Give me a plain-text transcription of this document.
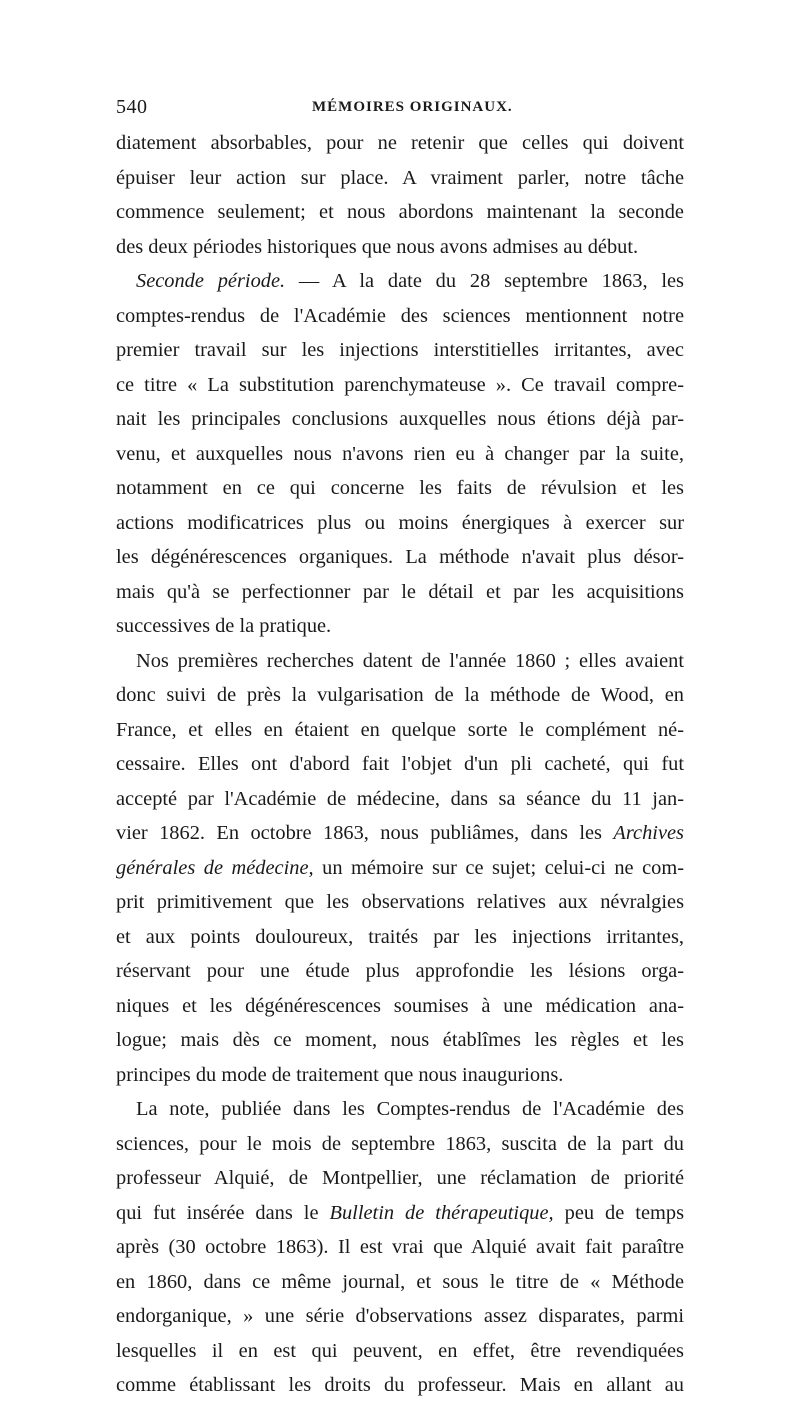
540	MÉMOIRES ORIGINAUX.
diatement absorbables, pour ne retenir que celles qui doivent
épuiser leur action sur place. A vraiment parler, notre tâche
commence seulement; et nous abordons maintenant la seconde
des deux périodes historiques que nous avons admises au début.
Seconde période. — A la date du 28 septembre 1863, les
comptes-rendus de l'Académie des sciences mentionnent notre
premier travail sur les injections interstitielles irritantes, avec
ce titre « La substitution parenchymateuse ». Ce travail compre-
nait les principales conclusions auxquelles nous étions déjà par-
venu, et auxquelles nous n'avons rien eu à changer par la suite,
notamment en ce qui concerne les faits de révulsion et les
actions modificatrices plus ou moins énergiques à exercer sur
les dégénérescences organiques. La méthode n'avait plus désor-
mais qu'à se perfectionner par le détail et par les acquisitions
successives de la pratique.
Nos premières recherches datent de l'année 1860 ; elles avaient
donc suivi de près la vulgarisation de la méthode de Wood, en
France, et elles en étaient en quelque sorte le complément né-
cessaire. Elles ont d'abord fait l'objet d'un pli cacheté, qui fut
accepté par l'Académie de médecine, dans sa séance du 11 jan-
vier 1862. En octobre 1863, nous publiâmes, dans les Archives
générales de médecine, un mémoire sur ce sujet; celui-ci ne com-
prit primitivement que les observations relatives aux névralgies
et aux points douloureux, traités par les injections irritantes,
réservant pour une étude plus approfondie les lésions orga-
niques et les dégénérescences soumises à une médication ana-
logue; mais dès ce moment, nous établîmes les règles et les
principes du mode de traitement que nous inaugurions.
La note, publiée dans les Comptes-rendus de l'Académie des
sciences, pour le mois de septembre 1863, suscita de la part du
professeur Alquié, de Montpellier, une réclamation de priorité
qui fut insérée dans le Bulletin de thérapeutique, peu de temps
après (30 octobre 1863). Il est vrai que Alquié avait fait paraître
en 1860, dans ce même journal, et sous le titre de « Méthode
endorganique, » une série d'observations assez disparates, parmi
lesquelles il en est qui peuvent, en effet, être revendiquées
comme établissant les droits du professeur. Mais en allant au
